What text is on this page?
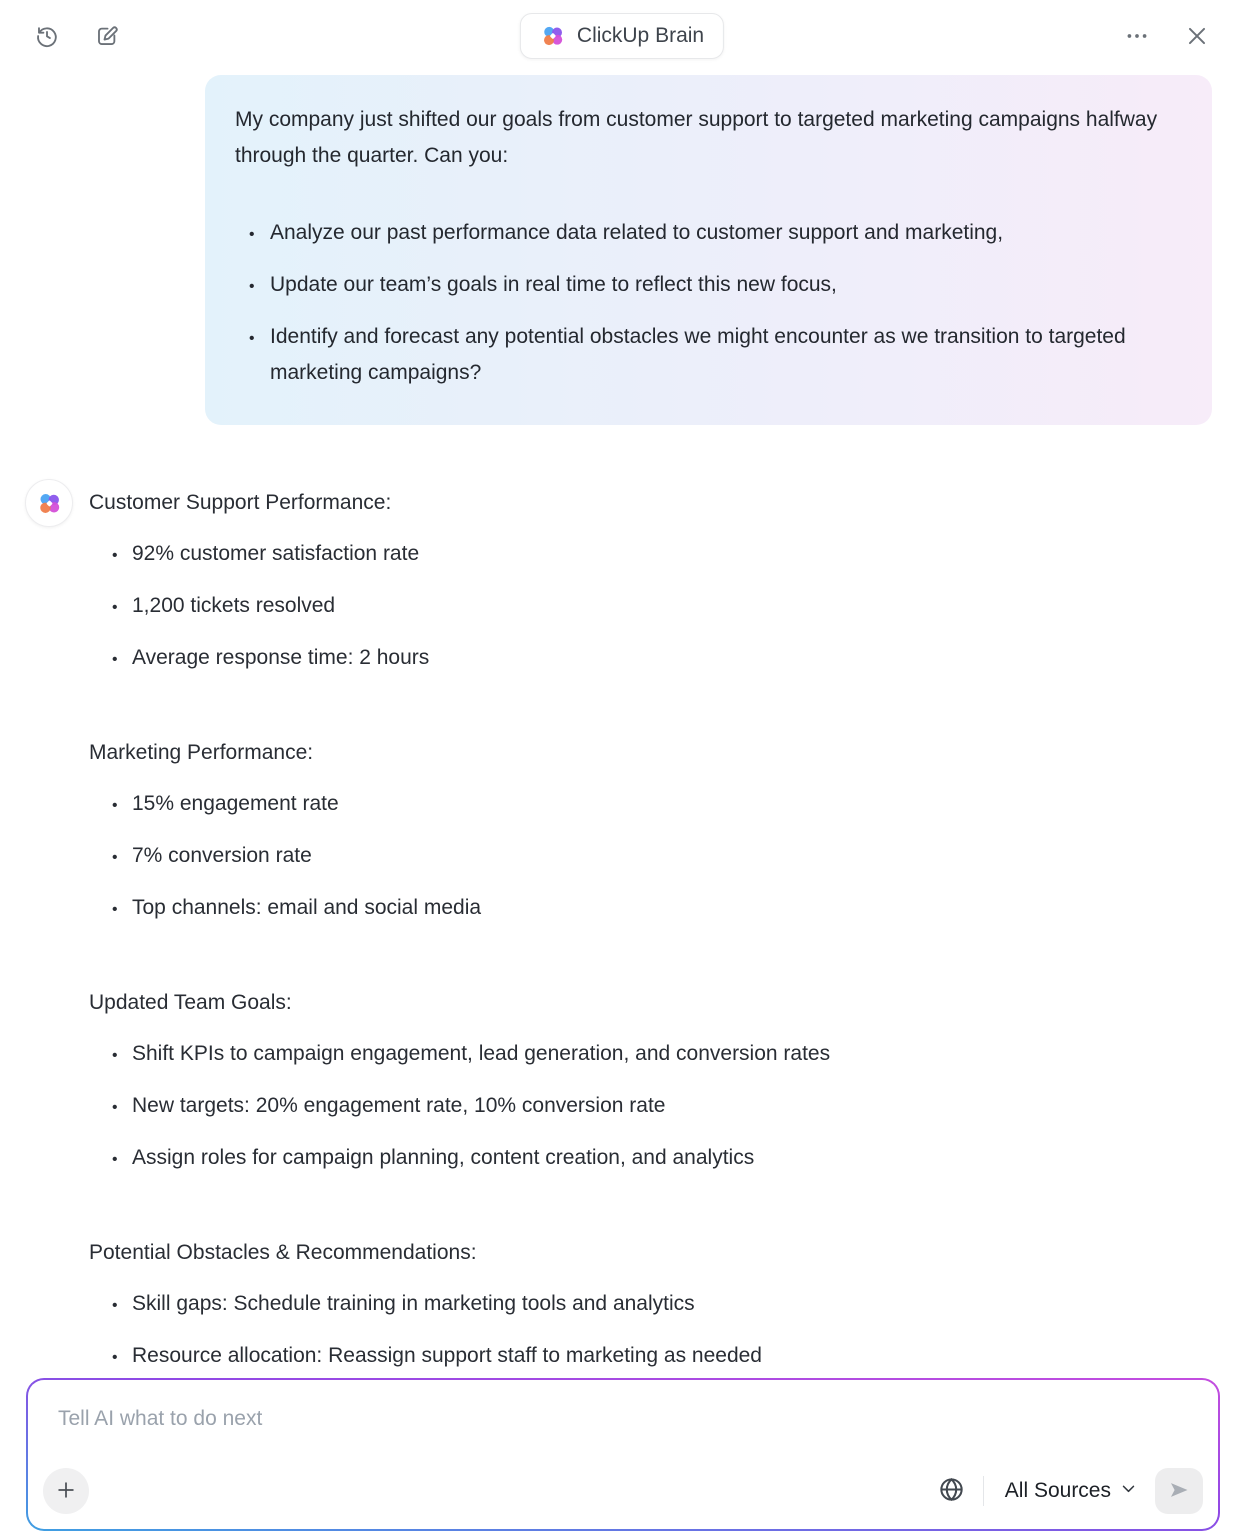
ClickUp Brain

My company just shifted our goals from customer support to targeted marketing campaigns halfway through the quarter. Can you:

• Analyze our past performance data related to customer support and marketing,
• Update our team’s goals in real time to reflect this new focus,
• Identify and forecast any potential obstacles we might encounter as we transition to targeted marketing campaigns?
Customer Support Performance:
• 92% customer satisfaction rate
• 1,200 tickets resolved
• Average response time: 2 hours
Marketing Performance:
• 15% engagement rate
• 7% conversion rate
• Top channels: email and social media
Updated Team Goals:
• Shift KPIs to campaign engagement, lead generation, and conversion rates
• New targets: 20% engagement rate, 10% conversion rate
• Assign roles for campaign planning, content creation, and analytics
Potential Obstacles & Recommendations:
• Skill gaps: Schedule training in marketing tools and analytics
• Resource allocation: Reassign support staff to marketing as needed
Tell AI what to do next
All Sources
